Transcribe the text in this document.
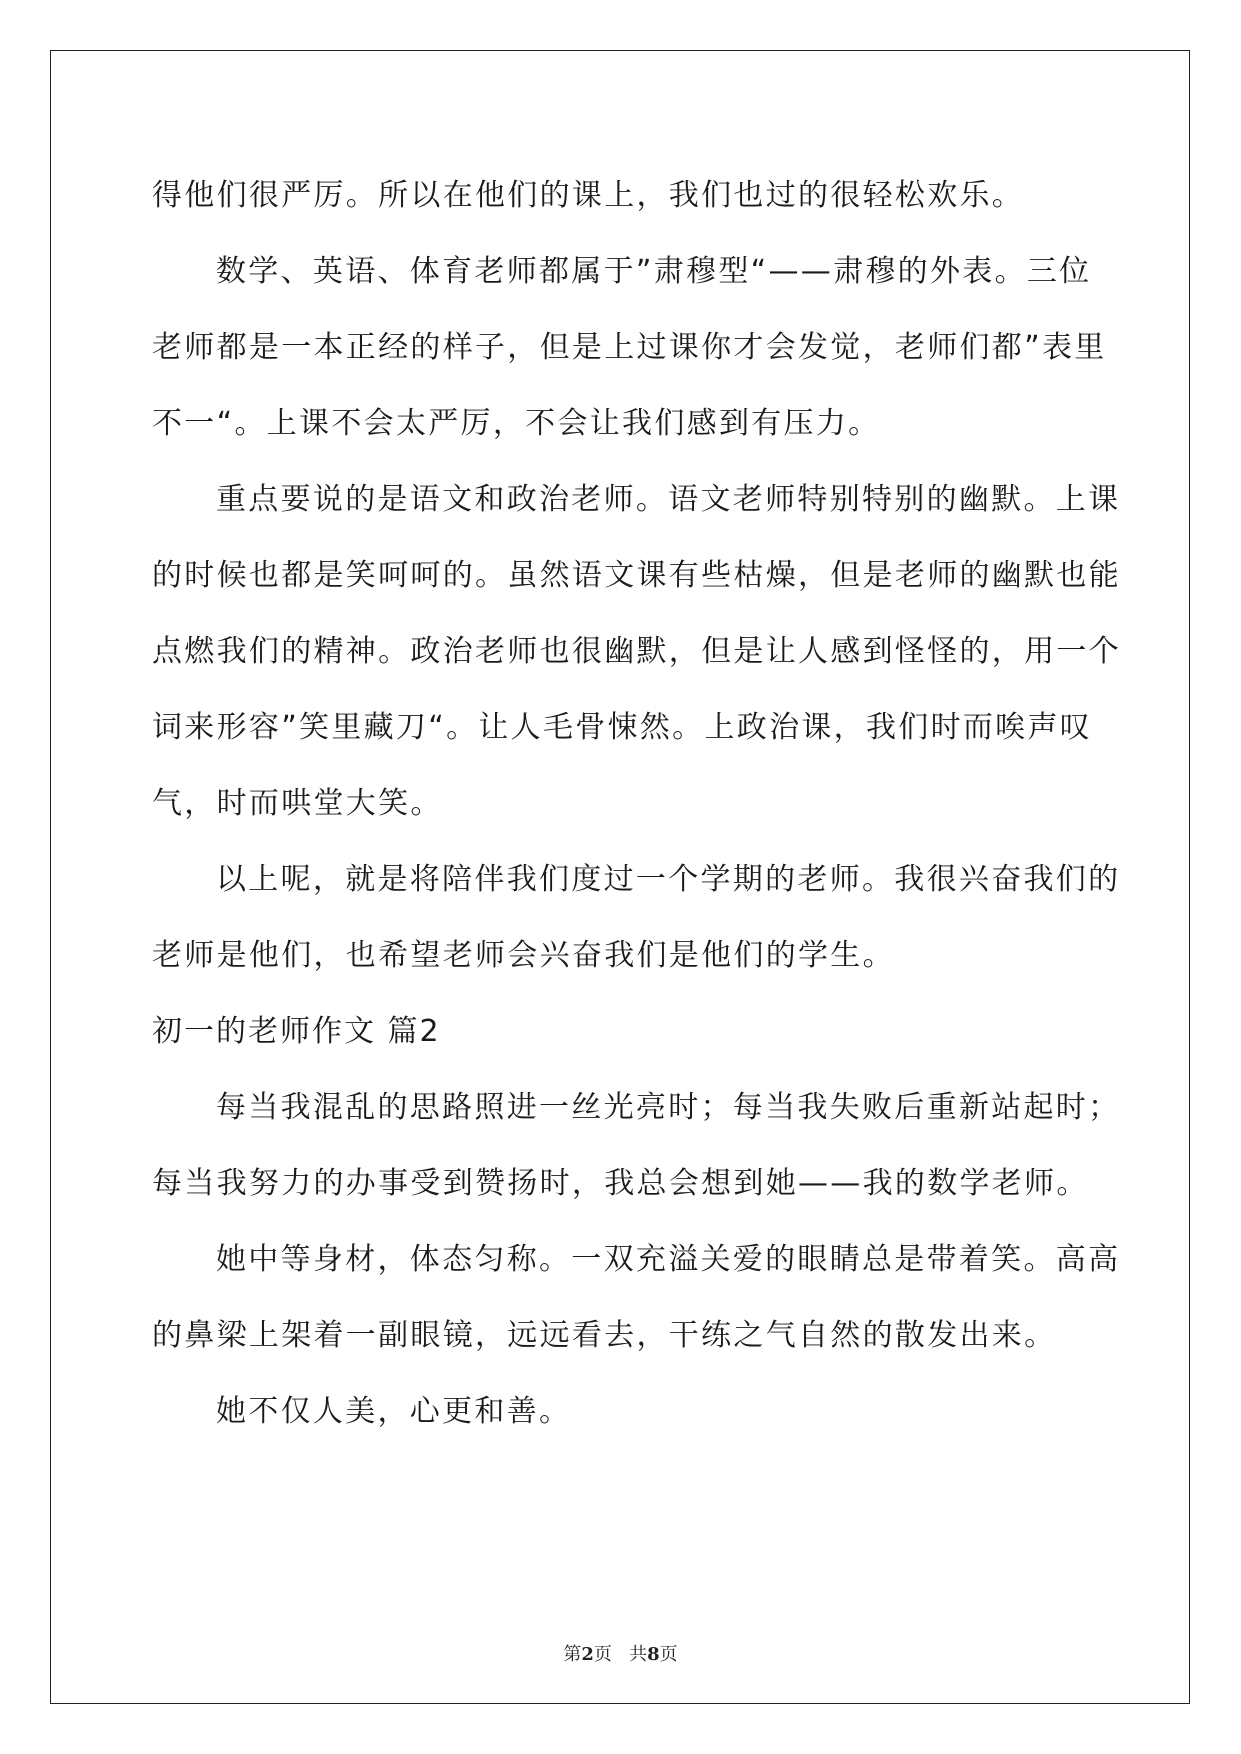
得他们很严厉。所以在他们的课上，我们也过的很轻松欢乐。
数学、英语、体育老师都属于”肃穆型“——肃穆的外表。三位
老师都是一本正经的样子，但是上过课你才会发觉，老师们都”表里
不一“。上课不会太严厉，不会让我们感到有压力。
重点要说的是语文和政治老师。语文老师特别特别的幽默。上课
的时候也都是笑呵呵的。虽然语文课有些枯燥，但是老师的幽默也能
点燃我们的精神。政治老师也很幽默，但是让人感到怪怪的，用一个
词来形容”笑里藏刀“。让人毛骨悚然。上政治课，我们时而唉声叹
气，时而哄堂大笑。
以上呢，就是将陪伴我们度过一个学期的老师。我很兴奋我们的
老师是他们，也希望老师会兴奋我们是他们的学生。
初一的老师作文 篇2
每当我混乱的思路照进一丝光亮时；每当我失败后重新站起时；
每当我努力的办事受到赞扬时，我总会想到她——我的数学老师。
她中等身材，体态匀称。一双充溢关爱的眼睛总是带着笑。高高
的鼻梁上架着一副眼镜，远远看去，干练之气自然的散发出来。
她不仅人美，心更和善。
第2页 共8页
